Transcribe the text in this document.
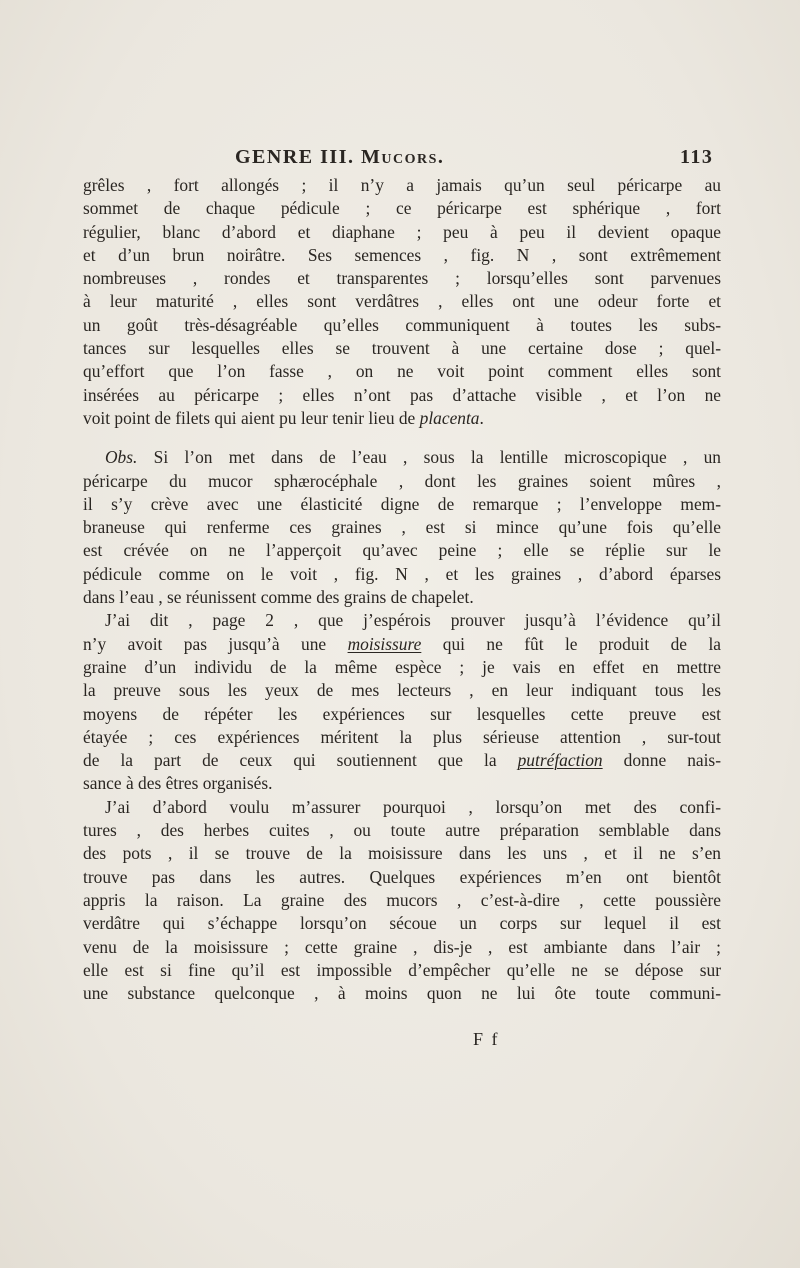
GENRE III. Mucors.	113

grêles , fort allongés ; il n’y a jamais qu’un seul péricarpe au
sommet de chaque pédicule ; ce péricarpe est sphérique , fort
régulier, blanc d’abord et diaphane ; peu à peu il devient opaque
et d’un brun noirâtre. Ses semences , fig. N , sont extrêmement
nombreuses , rondes et transparentes ; lorsqu’elles sont parvenues
à leur maturité , elles sont verdâtres , elles ont une odeur forte et
un goût très-désagréable qu’elles communiquent à toutes les subs-
tances sur lesquelles elles se trouvent à une certaine dose ; quel-
qu’effort que l’on fasse , on ne voit point comment elles sont
insérées au péricarpe ; elles n’ont pas d’attache visible , et l’on ne
voit point de filets qui aient pu leur tenir lieu de placenta.

Obs. Si l’on met dans de l’eau , sous la lentille microscopique , un
péricarpe du mucor sphærocéphale , dont les graines soient mûres ,
il s’y crève avec une élasticité digne de remarque ; l’enveloppe mem-
braneuse qui renferme ces graines , est si mince qu’une fois qu’elle
est crévée on ne l’apperçoit qu’avec peine ; elle se réplie sur le
pédicule comme on le voit , fig. N , et les graines , d’abord éparses
dans l’eau , se réunissent comme des grains de chapelet.

J’ai dit , page 2 , que j’espérois prouver jusqu’à l’évidence qu’il
n’y avoit pas jusqu’à une moisissure qui ne fût le produit de la
graine d’un individu de la même espèce ; je vais en effet en mettre
la preuve sous les yeux de mes lecteurs , en leur indiquant tous les
moyens de répéter les expériences sur lesquelles cette preuve est
étayée ; ces expériences méritent la plus sérieuse attention , sur-tout
de la part de ceux qui soutiennent que la putréfaction donne nais-
sance à des êtres organisés.

J’ai d’abord voulu m’assurer pourquoi , lorsqu’on met des confi-
tures , des herbes cuites , ou toute autre préparation semblable dans
des pots , il se trouve de la moisissure dans les uns , et il ne s’en
trouve pas dans les autres. Quelques expériences m’en ont bientôt
appris la raison. La graine des mucors , c’est-à-dire , cette poussière
verdâtre qui s’échappe lorsqu’on sécoue un corps sur lequel il est
venu de la moisissure ; cette graine , dis-je , est ambiante dans l’air ;
elle est si fine qu’il est impossible d’empêcher qu’elle ne se dépose sur
une substance quelconque , à moins quon ne lui ôte toute communi-

F f
